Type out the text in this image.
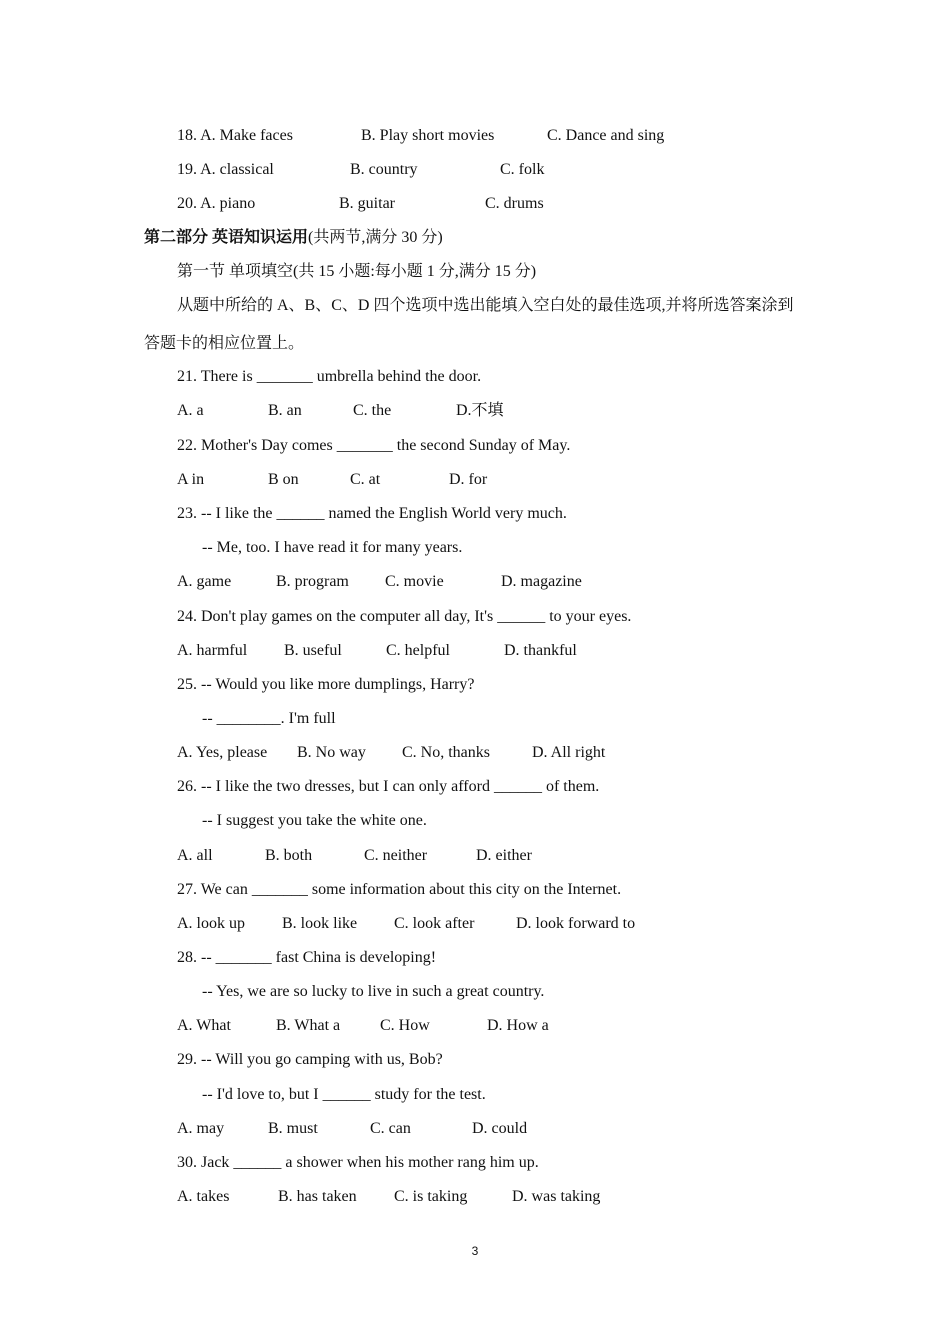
18. A. Make faces	B. Play short movies	C. Dance and sing
19. A. classical	B. country	C. folk
20. A. piano	B. guitar	C. drums
第二部分 英语知识运用(共两节,满分 30 分)
第一节 单项填空(共 15 小题:每小题 1 分,满分 15 分)
从题中所给的 A、B、C、D 四个选项中选出能填入空白处的最佳选项,并将所选答案涂到
答题卡的相应位置上。
21. There is _______ umbrella behind the door.
A. a	B. an	C. the	D.不填
22. Mother's Day comes _______ the second Sunday of May.
A in	B on	C. at	D. for
23. -- I like the ______ named the English World very much.
-- Me, too. I have read it for many years.
A. game	B. program C. movie	D. magazine
24. Don't play games on the computer all day, It's ______ to your eyes.
A. harmful B. useful	C. helpful	D. thankful
25. -- Would you like more dumplings, Harry?
-- ________. I'm full
A. Yes, please B. No way C. No, thanks	D. All right
26. -- I like the two dresses, but I can only afford ______ of them.
-- I suggest you take the white one.
A. all	B. both	C. neither	D. either
27. We can _______ some information about this city on the Internet.
A. look up B. look like C. look after	D. look forward to
28. -- _______ fast China is developing!
-- Yes, we are so lucky to live in such a great country.
A. What	B. What a C. How	D. How a
29. -- Will you go camping with us, Bob?
-- I'd love to, but I ______ study for the test.
A. may	B. must	C. can	D. could
30. Jack ______ a shower when his mother rang him up.
A. takes	B. has taken C. is taking	D. was taking
3
